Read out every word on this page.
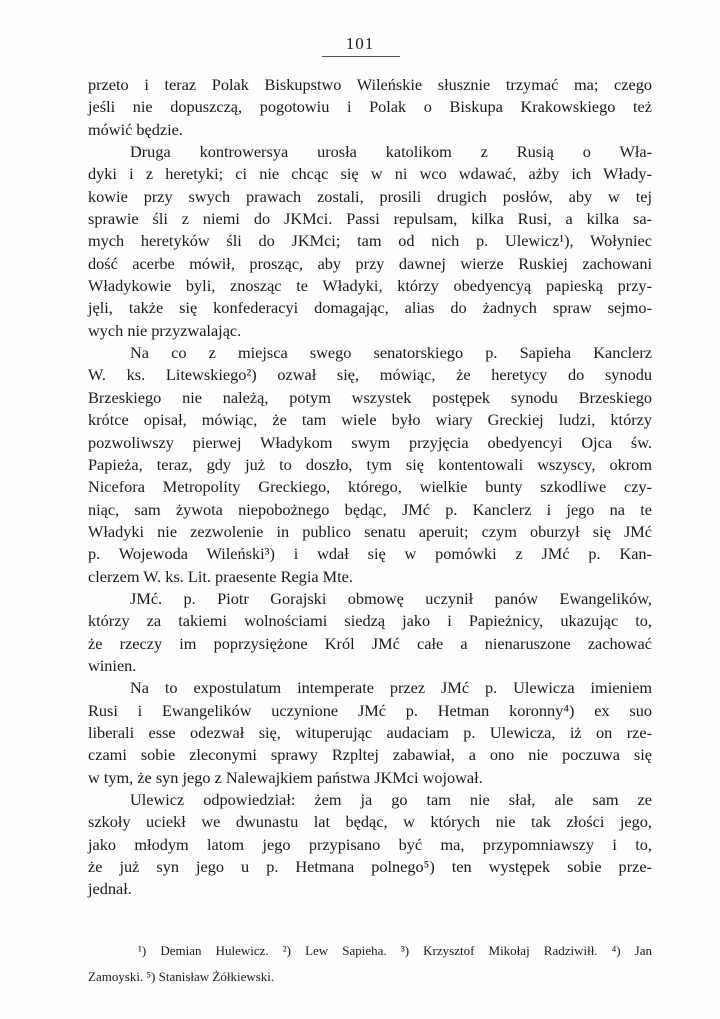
101
przeto i teraz Polak Biskupstwo Wileńskie słusznie trzymać ma; czego
jeśli nie dopuszczą, pogotowiu i Polak o Biskupa Krakowskiego też
mówić będzie.
Druga kontrowersya urosła katolikom z Rusią o Wła-
dyki i z heretyki; ci nie chcąc się w ni wco wdawać, ażby ich Włady-
kowie przy swych prawach zostali, prosili drugich posłów, aby w tej
sprawie śli z niemi do JKMci. Passi repulsam, kilka Rusi, a kilka sa-
mych heretyków śli do JKMci; tam od nich p. Ulewicz¹), Wołyniec
dość acerbe mówił, prosząc, aby przy dawnej wierze Ruskiej zachowani
Władykowie byli, znosząc te Władyki, którzy obedyencyą papieską przy-
jęli, także się konfederacyi domagając, alias do żadnych spraw sejmo-
wych nie przyzwalając.
Na co z miejsca swego senatorskiego p. Sapieha Kanclerz
W. ks. Litewskiego²) ozwał się, mówiąc, że heretycy do synodu
Brzeskiego nie należą, potym wszystek postępek synodu Brzeskiego
krótce opisał, mówiąc, że tam wiele było wiary Greckiej ludzi, którzy
pozwoliwszy pierwej Władykom swym przyjęcia obedyencyi Ojca św.
Papieża, teraz, gdy już to doszło, tym się kontentowali wszyscy, okrom
Nicefora Metropolity Greckiego, którego, wielkie bunty szkodliwe czy-
niąc, sam żywota niepobożnego będąc, JMć p. Kanclerz i jego na te
Władyki nie zezwolenie in publico senatu aperuit; czym oburzył się JMć
p. Wojewoda Wileński³) i wdał się w pomówki z JMć p. Kan-
clerzem W. ks. Lit. praesente Regia Mte.
JMć. p. Piotr Gorajski obmowę uczynił panów Ewangelików,
którzy za takiemi wolnościami siedzą jako i Papieżnicy, ukazując to,
że rzeczy im poprzysiężone Król JMć całe a nienaruszone zachować
winien.
Na to expostulatum intemperate przez JMć p. Ulewicza imieniem
Rusi i Ewangelików uczynione JMć p. Hetman koronny⁴) ex suo
liberali esse odezwał się, wituperując audaciam p. Ulewicza, iż on rze-
czami sobie zleconymi sprawy Rzpltej zabawiał, a ono nie poczuwa się
w tym, że syn jego z Nalewajkiem państwa JKMci wojował.
Ulewicz odpowiedział: żem ja go tam nie słał, ale sam ze
szkoły uciekł we dwunastu lat będąc, w których nie tak złości jego,
jako młodym latom jego przypisano być ma, przypomniawszy i to,
że już syn jego u p. Hetmana polnego⁵) ten występek sobie prze-
jednał.
¹) Demian Hulewicz. ²) Lew Sapieha. ³) Krzysztof Mikołaj Radziwiłł. ⁴) Jan
Zamoyski. ⁵) Stanisław Żółkiewski.
